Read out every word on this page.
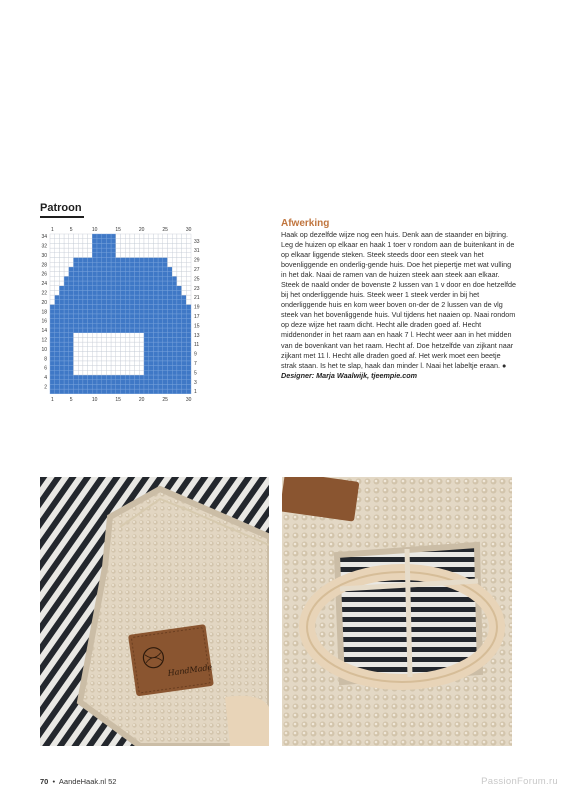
Patroon
30
30
25
25
20
20
15
15
10
10
5
5
1
1
34
32
30
28
26
24
22
20
18
16
14
12
10
8
6
4
2
33
31
29
27
25
23
21
19
17
15
13
11
9
7
5
3
1
Afwerking

Haak op dezelfde wijze nog een huis. Denk aan de staander en bijtring. Leg de huizen op elkaar en haak 1 toer v rondom aan de buitenkant in de op elkaar liggende steken. Steek steeds door een steek van het bovenliggende en onderlig-gende huis. Doe het piepertje met wat vulling in het dak. Naai de ramen van de huizen steek aan steek aan elkaar. Steek de naald onder de bovenste 2 lussen van 1 v door en doe hetzelfde bij het onderliggende huis. Steek weer 1 steek verder in bij het onderliggende huis en kom weer boven on-der de 2 lussen van de vlg steek van het bovenliggende huis. Vul tijdens het naaien op. Naai rondom op deze wijze het raam dicht. Hecht alle draden goed af. Hecht middenonder in het raam aan en haak 7 l. Hecht weer aan in het midden van de bovenkant van het raam. Hecht af. Doe hetzelfde van zijkant naar zijkant met 11 l. Hecht alle draden goed af. Het werk moet een beetje strak staan. Is het te slap, haak dan minder l. Naai het labeltje eraan. ●
Designer: Marja Waalwijk, tjeempie.com

HandMade

70 • AandeHaak.nl 52	PassionForum.ru
